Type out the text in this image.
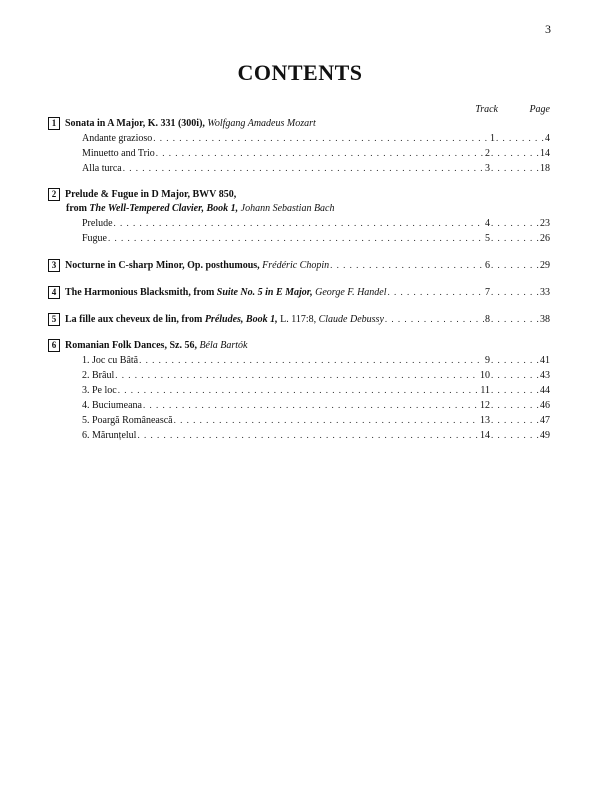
3
CONTENTS
Track	Page
1 Sonata in A Major, K. 331 (300i),
Wolfgang Amadeus Mozart
Andante grazioso . . .	1 . . .	4
Minuetto and Trio . . .	2 . . .	14
Alla turca . . .	3 . . .	18
2 Prelude & Fugue in D Major, BWV 850,
from The Well-Tempered Clavier, Book 1, Johann Sebastian Bach
Prelude . . .	4 . . .	23
Fugue . . .	5 . . .	26
3 Nocturne in C-sharp Minor, Op. posthumous,
Frédéric Chopin . . .	6 . . .	29
4 The Harmonious Blacksmith, from
Suite No. 5 in E Major,
George F. Handel . . .	7 . . .	33
5 La fille aux cheveux de lin, from
Préludes, Book 1,
L. 117:8,
Claude Debussy . . .	8 . . .	38
6 Romanian Folk Dances, Sz. 56,
Béla Bartók
1. Joc cu Bâtă . . .	9 . . .	41
2. Brâul . . .	10 . . .	43
3. Pe loc . . .	11 . . .	44
4. Buciumeana . . .	12 . . .	46
5. Poargă Românească . . .	13 . . .	47
6. Mărunțelul . . .	14 . . .	49
